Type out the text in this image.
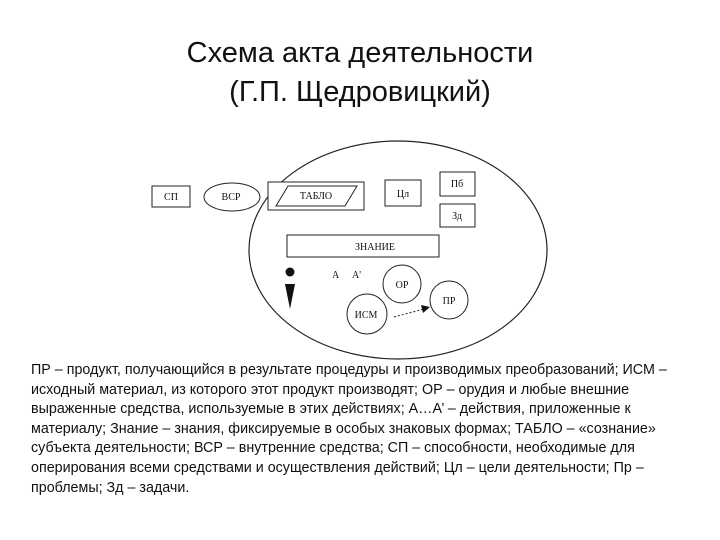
Схема акта деятельности
(Г.П. Щедровицкий)
СП	ВСР	ТАБЛО	Цл
Пб
Зд
ЗНАНИЕ
А А'
ОР
ПР
ИСМ

ПР – продукт, получающийся в результате процедуры и производимых преобразований; ИСМ – исходный материал, из которого этот продукт производят; ОР – орудия и любые внешние выраженные средства, используемые в этих действиях; А…А’ – действия, приложенные к материалу; Знание – знания, фиксируемые в особых знаковых формах; ТАБЛО – «сознание» субъекта деятельности; ВСР – внутренние средства; СП – способности, необходимые для оперирования всеми средствами и осуществления действий; Цл – цели деятельности; Пр – проблемы; Зд – задачи.
